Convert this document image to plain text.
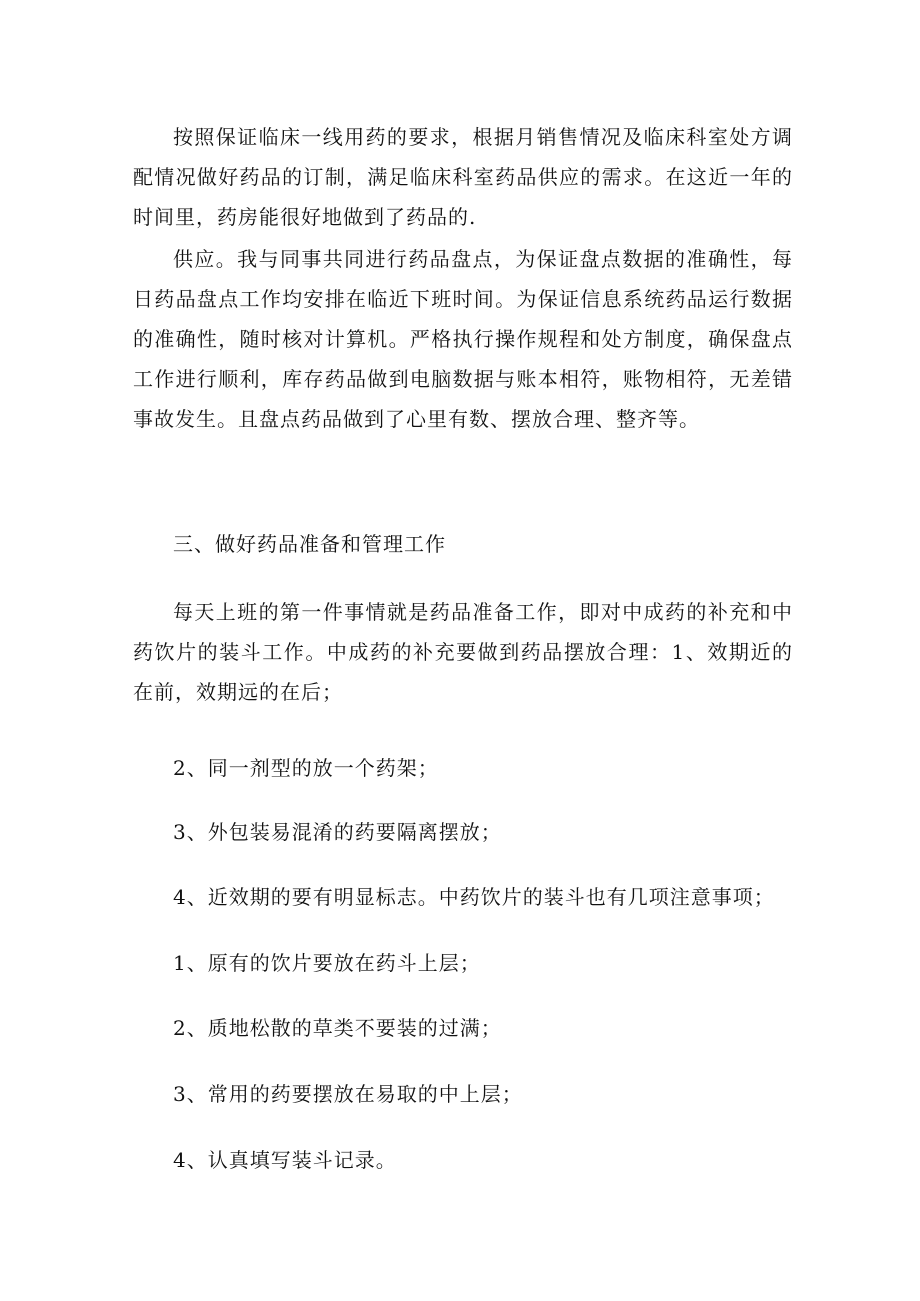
按照保证临床一线用药的要求，根据月销售情况及临床科室处方调配情况做好药品的订制，满足临床科室药品供应的需求。在这近一年的时间里，药房能很好地做到了药品的.

供应。我与同事共同进行药品盘点，为保证盘点数据的准确性，每日药品盘点工作均安排在临近下班时间。为保证信息系统药品运行数据的准确性，随时核对计算机。严格执行操作规程和处方制度，确保盘点工作进行顺利，库存药品做到电脑数据与账本相符，账物相符，无差错事故发生。且盘点药品做到了心里有数、摆放合理、整齐等。

三、做好药品准备和管理工作

每天上班的第一件事情就是药品准备工作，即对中成药的补充和中药饮片的装斗工作。中成药的补充要做到药品摆放合理：1、效期近的在前，效期远的在后；

2、同一剂型的放一个药架；

3、外包装易混淆的药要隔离摆放；

4、近效期的要有明显标志。中药饮片的装斗也有几项注意事项；

1、原有的饮片要放在药斗上层；

2、质地松散的草类不要装的过满；

3、常用的药要摆放在易取的中上层；

4、认真填写装斗记录。
